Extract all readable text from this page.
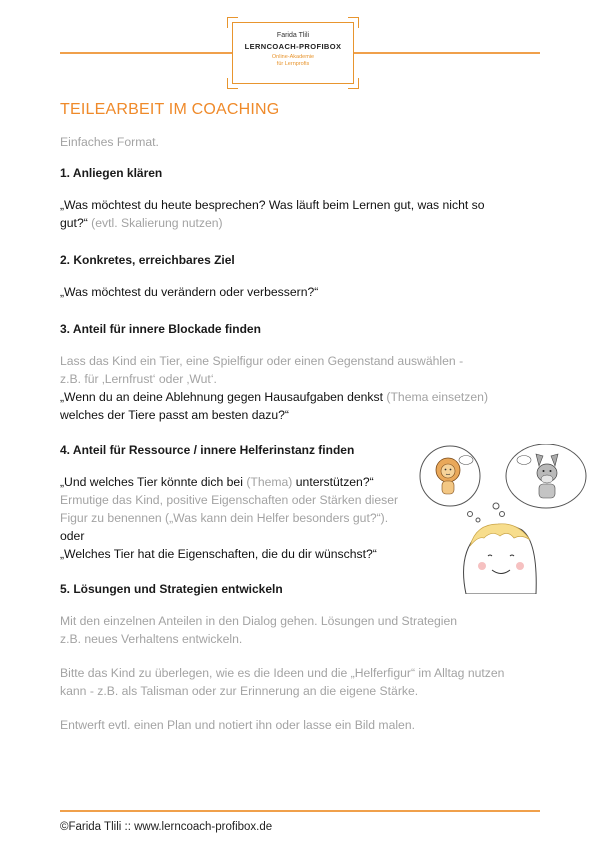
Farida Tlili
LERNCOACH-PROFIBOX
Online-Akademie
für Lernprofis
TEILEARBEIT IM COACHING
Einfaches Format.
1. Anliegen klären
„Was möchtest du heute besprechen? Was läuft beim Lernen gut, was nicht so
gut?“ (evtl. Skalierung nutzen)
2. Konkretes, erreichbares Ziel
„Was möchtest du verändern oder verbessern?“
3. Anteil für innere Blockade finden
Lass das Kind ein Tier, eine Spielfigur oder einen Gegenstand auswählen -
z.B. für ‚Lernfrust‘ oder ‚Wut‘.
„Wenn du an deine Ablehnung gegen Hausaufgaben denkst (Thema einsetzen)
welches der Tiere passt am besten dazu?“
4. Anteil für Ressource / innere Helferinstanz finden
„Und welches Tier könnte dich bei (Thema) unterstützen?“
Ermutige das Kind, positive Eigenschaften oder Stärken dieser
Figur zu benennen („Was kann dein Helfer besonders gut?“).
oder
„Welches Tier hat die Eigenschaften, die du dir wünschst?“
5. Lösungen und Strategien entwickeln
Mit den einzelnen Anteilen in den Dialog gehen. Lösungen und Strategien
z.B. neues Verhaltens entwickeln.
Bitte das Kind zu überlegen, wie es die Ideen und die „Helferfigur“ im Alltag nutzen
kann - z.B. als Talisman oder zur Erinnerung an die eigene Stärke.
Entwerft evtl. einen Plan und notiert ihn oder lasse ein Bild malen.
©Farida Tlili :: www.lerncoach-profibox.de
